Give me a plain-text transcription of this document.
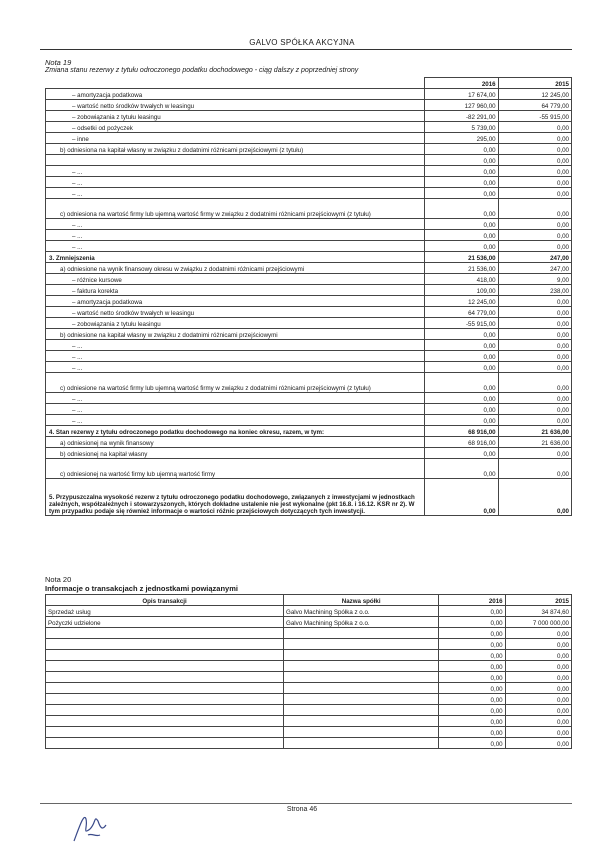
GALVO SPÓŁKA AKCYJNA
Nota 19
Zmiana stanu rezerwy z tytułu odroczonego podatku dochodowego - ciąg dalszy z poprzedniej strony
	2016	2015
– amortyzacja podatkowa	17 674,00	12 245,00
– wartość netto środków trwałych w leasingu	127 960,00	64 779,00
– zobowiązania z tytułu leasingu	-82 291,00	-55 915,00
– odsetki od pożyczek	5 739,00	0,00
– inne	295,00	0,00
b) odniesiona na kapitał własny w związku z dodatnimi różnicami przejściowymi (z tytułu)	0,00	0,00
	0,00	0,00
– ...	0,00	0,00
– ...	0,00	0,00
– ...	0,00	0,00
c) odniesiona na wartość firmy lub ujemną wartość firmy w związku z dodatnimi różnicami przejściowymi (z tytułu)	0,00	0,00
– ...	0,00	0,00
– ...	0,00	0,00
– ...	0,00	0,00
3. Zmniejszenia	21 536,00	247,00
a) odniesione na wynik finansowy okresu w związku z dodatnimi różnicami przejściowymi	21 536,00	247,00
– różnice kursowe	418,00	9,00
– faktura korekta	109,00	238,00
– amortyzacja podatkowa	12 245,00	0,00
– wartość netto środków trwałych w leasingu	64 779,00	0,00
– zobowiązania z tytułu leasingu	-55 915,00	0,00
b) odniesione na kapitał własny w związku z dodatnimi różnicami przejściowymi	0,00	0,00
– ...	0,00	0,00
– ...	0,00	0,00
– ...	0,00	0,00
c) odniesione na wartość firmy lub ujemną wartość firmy w związku z dodatnimi różnicami przejściowymi (z tytułu)	0,00	0,00
– ...	0,00	0,00
– ...	0,00	0,00
– ...	0,00	0,00
4. Stan rezerwy z tytułu odroczonego podatku dochodowego na koniec okresu, razem, w tym:	68 916,00	21 636,00
a) odniesionej na wynik finansowy	68 916,00	21 636,00
b) odniesionej na kapitał własny	0,00	0,00
c) odniesionej na wartość firmy lub ujemną wartość firmy	0,00	0,00
5. Przypuszczalna wysokość rezerw z tytułu odroczonego podatku dochodowego, związanych z inwestycjami w jednostkach zależnych, współzależnych i stowarzyszonych, których dokładne ustalenie nie jest wykonalne (pkt 16.8. i 16.12. KSR nr 2). W tym przypadku podaje się również informacje o wartości różnic przejściowych dotyczących tych inwestycji.	0,00	0,00
Nota 20
Informacje o transakcjach z jednostkami powiązanymi
Opis transakcji	Nazwa spółki	2016	2015
Sprzedaż usług	Galvo Machining Spółka z o.o.	0,00	34 874,60
Pożyczki udzielone	Galvo Machining Spółka z o.o.	0,00	7 000 000,00
		0,00	0,00
		0,00	0,00
		0,00	0,00
		0,00	0,00
		0,00	0,00
		0,00	0,00
		0,00	0,00
		0,00	0,00
		0,00	0,00
		0,00	0,00
		0,00	0,00
Strona 46
